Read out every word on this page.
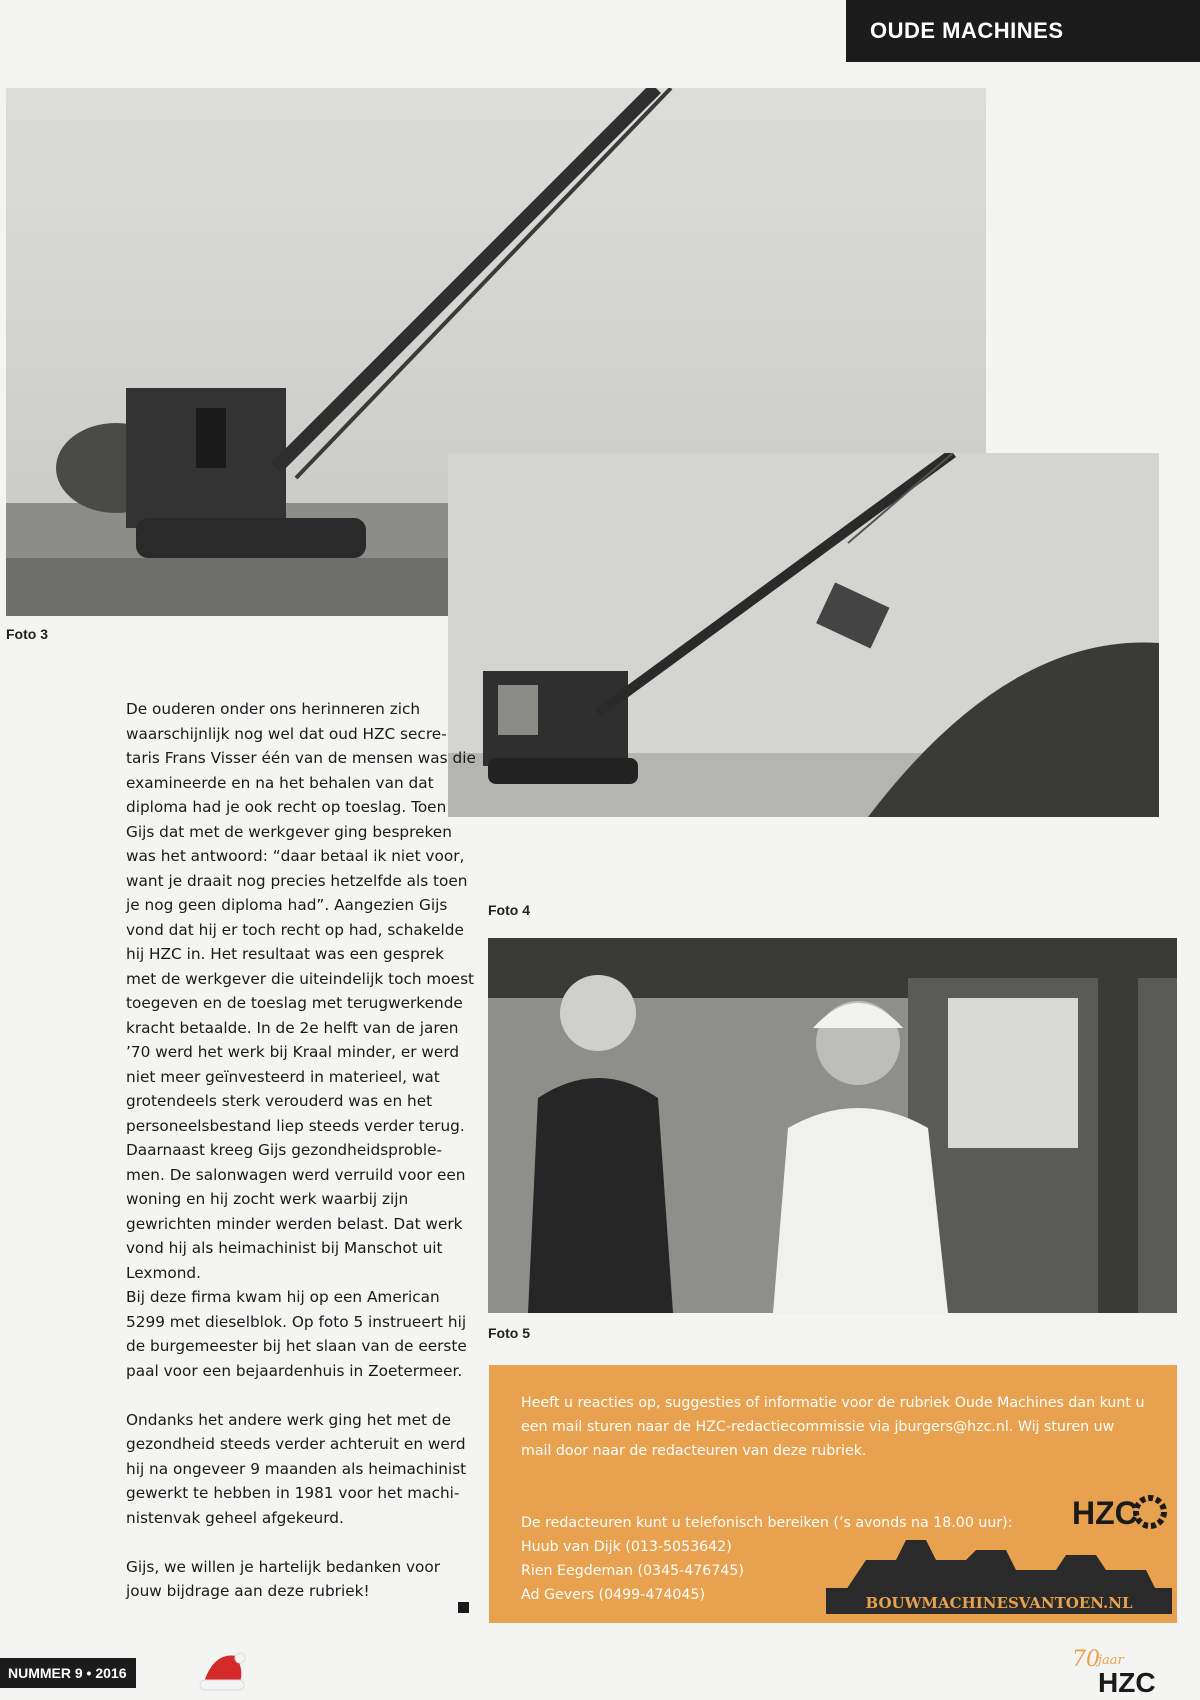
OUDE MACHINES
Foto 3
Foto 4
Foto 5

De ouderen onder ons herinneren zich waarschijnlijk nog wel dat oud HZC secre-taris Frans Visser één van de mensen was die examineerde en na het behalen van dat diploma had je ook recht op toeslag. Toen Gijs dat met de werkgever ging bespreken was het antwoord: “daar betaal ik niet voor, want je draait nog precies hetzelfde als toen je nog geen diploma had”. Aangezien Gijs vond dat hij er toch recht op had, schakelde hij HZC in. Het resultaat was een gesprek met de werkgever die uiteindelijk toch moest toegeven en de toeslag met terugwerkende kracht betaalde. In de 2e helft van de jaren ’70 werd het werk bij Kraal minder, er werd niet meer geïnvesteerd in materieel, wat grotendeels sterk verouderd was en het personeelsbestand liep steeds verder terug. Daarnaast kreeg Gijs gezondheidsproble-men. De salonwagen werd verruild voor een woning en hij zocht werk waarbij zijn gewrichten minder werden belast. Dat werk vond hij als heimachinist bij Manschot uit Lexmond.

Bij deze firma kwam hij op een American 5299 met dieselblok. Op foto 5 instrueert hij de burgemeester bij het slaan van de eerste paal voor een bejaardenhuis in Zoetermeer.

Ondanks het andere werk ging het met de gezondheid steeds verder achteruit en werd hij na ongeveer 9 maanden als heimachinist gewerkt te hebben in 1981 voor het machi-nistenvak geheel afgekeurd.

Gijs, we willen je hartelijk bedanken voor jouw bijdrage aan deze rubriek!

Heeft u reacties op, suggesties of informatie voor de rubriek Oude Machines dan kunt u een mail sturen naar de HZC-redactiecommissie via jburgers@hzc.nl. Wij sturen uw mail door naar de redacteuren van deze rubriek.
De redacteuren kunt u telefonisch bereiken (’s avonds na 18.00 uur):
Huub van Dijk (013-5053642)
Rien Eegdeman (0345-476745)
Ad Gevers (0499-474045)
HZC
BOUWMACHINESVANTOEN.NL
NUMMER 9 • 2016
70
jaar
HZC
